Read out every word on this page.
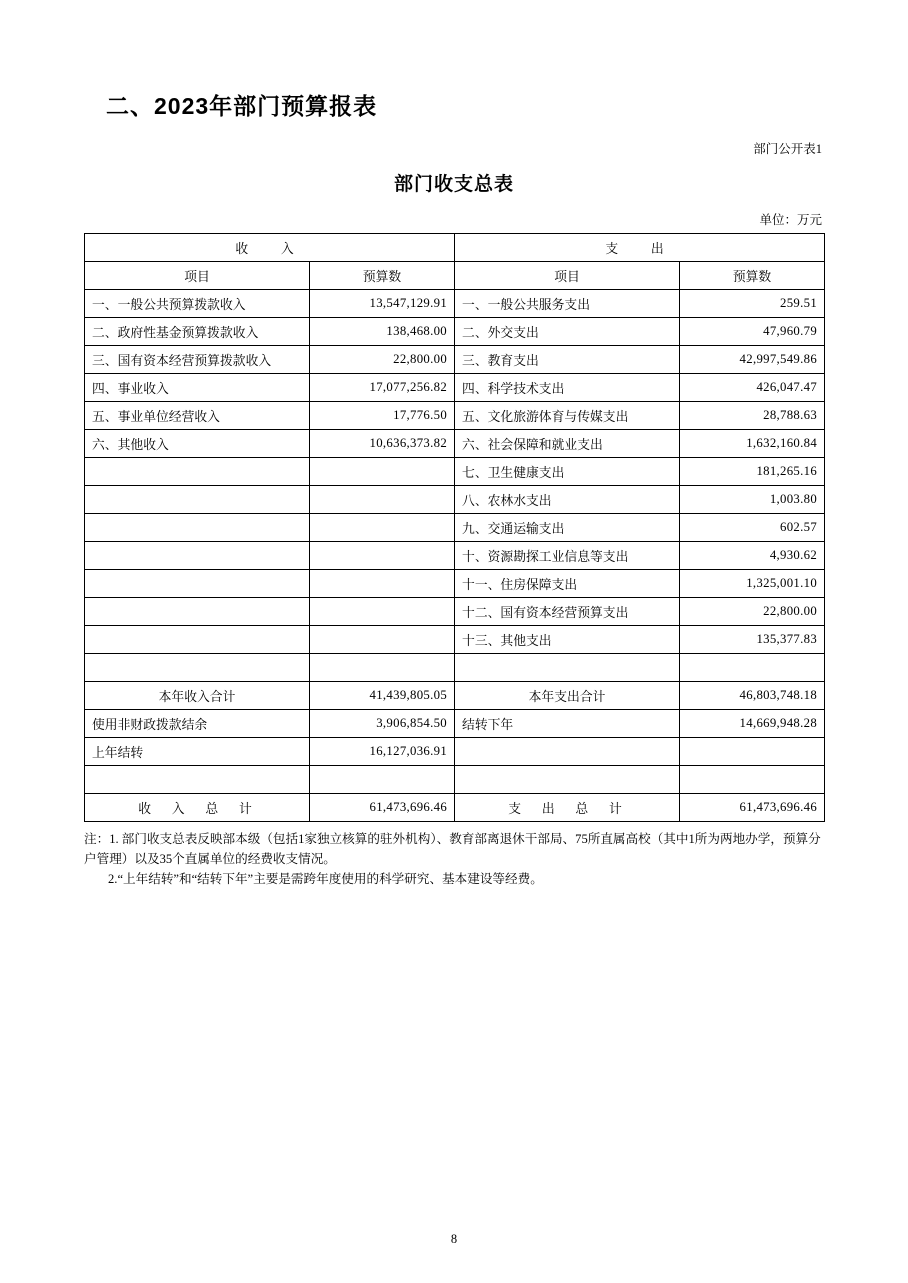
二、2023年部门预算报表
部门公开表1
部门收支总表
单位：万元
收　入		支　出	
项目	预算数	项目	预算数
一、一般公共预算拨款收入	13,547,129.91	一、一般公共服务支出	259.51
二、政府性基金预算拨款收入	138,468.00	二、外交支出	47,960.79
三、国有资本经营预算拨款收入	22,800.00	三、教育支出	42,997,549.86
四、事业收入	17,077,256.82	四、科学技术支出	426,047.47
五、事业单位经营收入	17,776.50	五、文化旅游体育与传媒支出	28,788.63
六、其他收入	10,636,373.82	六、社会保障和就业支出	1,632,160.84
		七、卫生健康支出	181,265.16
		八、农林水支出	1,003.80
		九、交通运输支出	602.57
		十、资源勘探工业信息等支出	4,930.62
		十一、住房保障支出	1,325,001.10
		十二、国有资本经营预算支出	22,800.00
		十三、其他支出	135,377.83

本年收入合计	41,439,805.05	本年支出合计	46,803,748.18
使用非财政拨款结余	3,906,854.50	结转下年	14,669,948.28
上年结转	16,127,036.91		

收　入　总　计	61,473,696.46	支　出　总　计	61,473,696.46

注：1. 部门收支总表反映部本级（包括1家独立核算的驻外机构）、教育部离退休干部局、75所直属高校（其中1所为两地办学，预算分

户管理）以及35个直属单位的经费收支情况。

2.“上年结转”和“结转下年”主要是需跨年度使用的科学研究、基本建设等经费。

8
